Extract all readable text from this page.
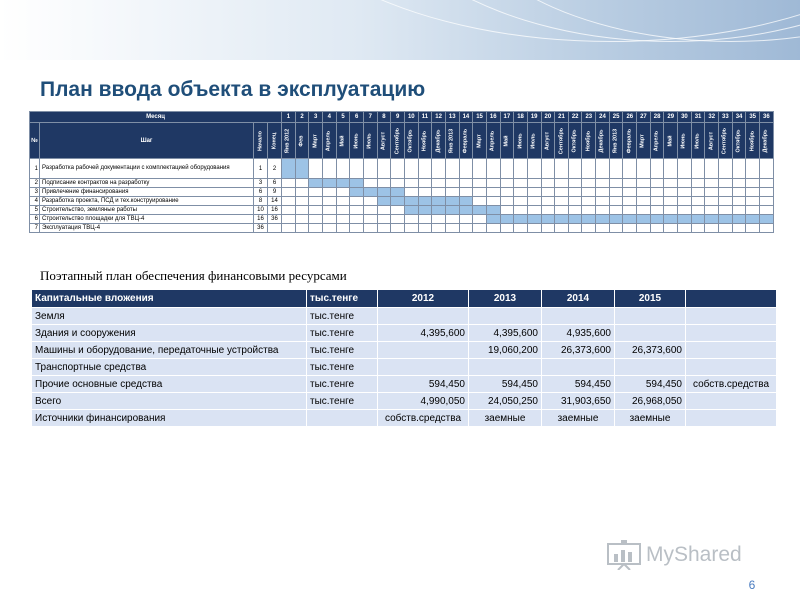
План ввода объекта в эксплуатацию
Месяц				1	2	3	4	5	6	7	8	9	10	11	12	13	14	15	16	17	18	19	20	21	22	23	24	25	26	27	28	29	30	31	32	33	34	35	36
№	Шаг	Начало	Конец	Янв 2012	Фев	Март	Апрель	Май	Июнь	Июль	Август	Сентябрь	Октябрь	Ноябрь	Декабрь	Янв 2013	Февраль	Март	Апрель	Май	Июнь	Июль	Август	Сентябрь	Октябрь	Ноябрь	Декабрь	Янв 2013	Февраль	Март	Апрель	Май	Июнь	Июль	Август	Сентябрь	Октябрь	Ноябрь	Декабрь

1	Разработка рабочей документации с комплектацией оборудования	1	2																																				
2	Подписание контрактов на разработку	3	6																																				
3	Привлечение финансирования	6	9																																				
4	Разработка проекта, ПСД и тех.конструирование	8	14																																				
5	Строительство, земляные работы	10	16																																				
6	Строительство площадки для ТВЦ-4	16	36																																				
7	Эксплуатация ТВЦ-4	36																																					
Поэтапный план обеспечения финансовыми ресурсами
Капитальные вложения	тыс.тенге	2012	2013	2014	2015	
Земля	тыс.тенге					
Здания и сооружения	тыс.тенге	4,395,600	4,395,600	4,935,600		
Машины и оборудование, передаточные устройства	тыс.тенге		19,060,200	26,373,600	26,373,600	
Транспортные средства	тыс.тенге					
Прочие основные средства	тыс.тенге	594,450	594,450	594,450	594,450	собств.средства
Всего	тыс.тенге	4,990,050	24,050,250	31,903,650	26,968,050	
Источники финансирования		собств.средства	заемные	заемные	заемные	
MyShared
6
